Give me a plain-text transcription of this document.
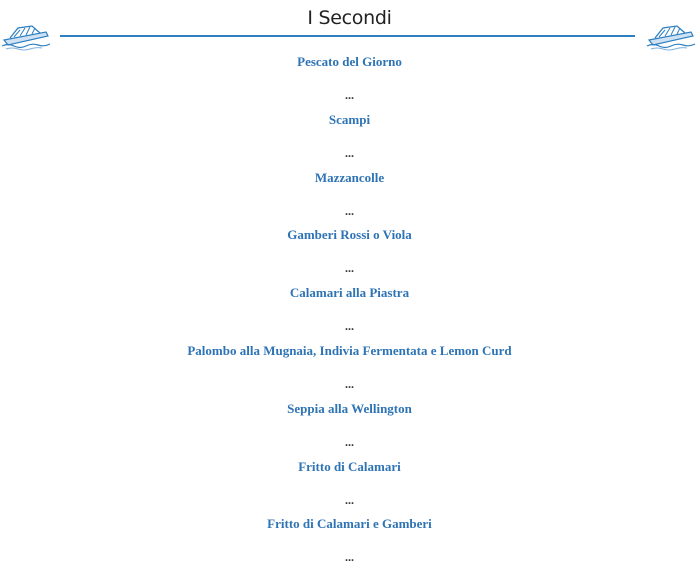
I Secondi
Pescato del Giorno
...
Scampi
...
Mazzancolle
...
Gamberi Rossi o Viola
...
Calamari alla Piastra
...
Palombo alla Mugnaia, Indivia Fermentata e Lemon Curd
...
Seppia alla Wellington
...
Fritto di Calamari
...
Fritto di Calamari e Gamberi
...
